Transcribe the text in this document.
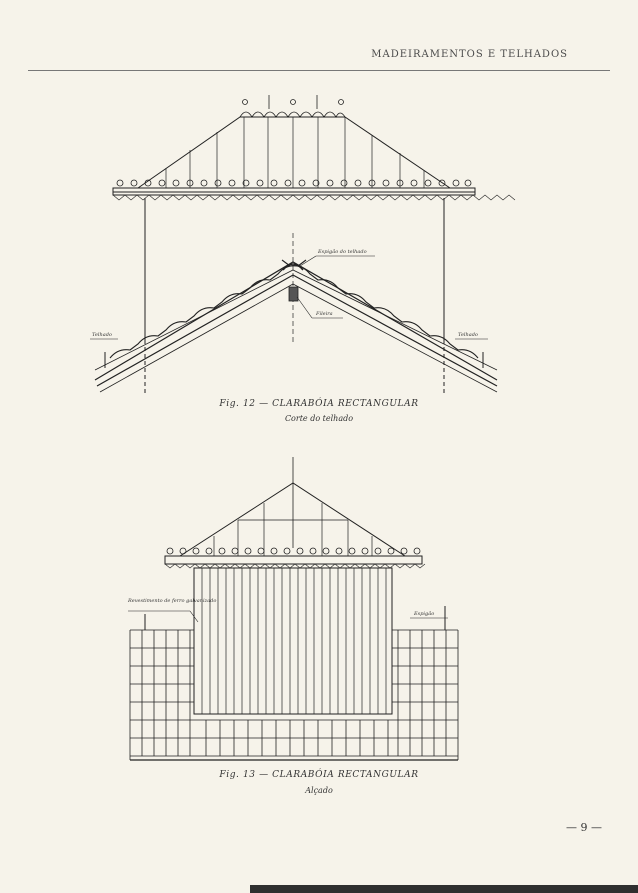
MADEIRAMENTOS E TELHADOS
Espigão do telhado
Fileira
Telhado	Telhado
Revestimento de ferro galvanizado
Espigão
Fig. 12 — CLARABÓIA RECTANGULAR
Corte do telhado
Fig. 13 — CLARABÓIA RECTANGULAR
Alçado
— 9 —
